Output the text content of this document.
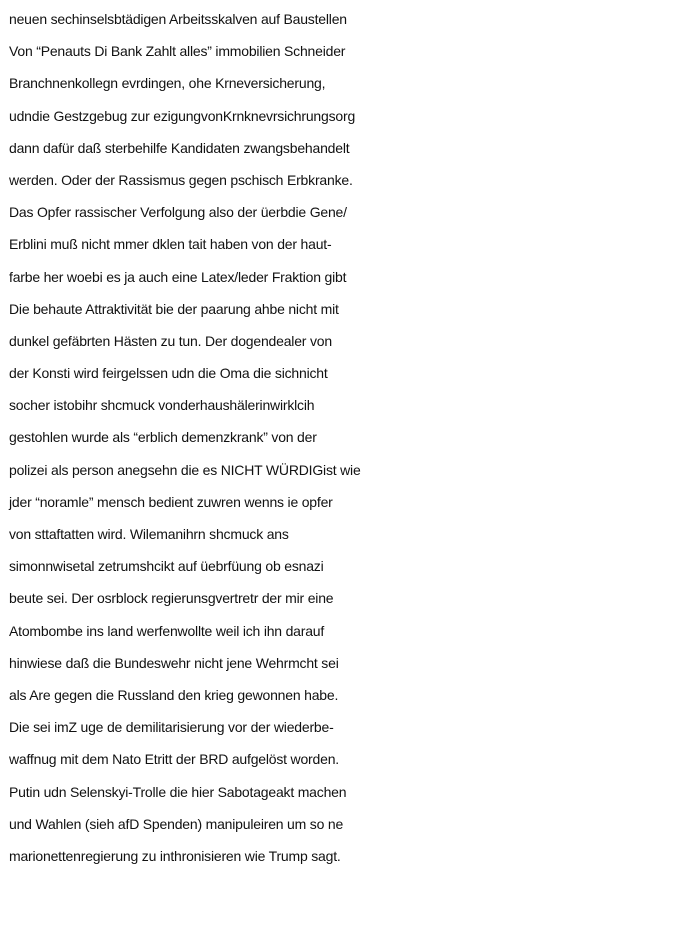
neuen sechinselsbtädigen Arbeitsskalven auf Baustellen
Von “Penauts Di Bank Zahlt alles” immobilien Schneider
Branchnenkollegn evrdingen, ohe Krneversicherung,
udndie Gestzgebug zur ezigungvonKrnknevrsichrungsorg
dann dafür daß sterbehilfe Kandidaten zwangsbehandelt
werden. Oder der Rassismus gegen pschisch Erbkranke.
Das Opfer rassischer Verfolgung also der üerbdie Gene/
Erblini muß nicht mmer dklen tait haben von der haut-
farbe her woebi es ja auch eine Latex/leder Fraktion gibt
Die behaute Attraktivität bie der paarung ahbe nicht mit
dunkel gefäbrten Hästen zu tun. Der dogendealer von
der Konsti wird feirgelssen udn die Oma die sichnicht
socher istobihr shcmuck vonderhaushälerinwirklcih
gestohlen wurde als “erblich demenzkrank” von der
polizei als person anegsehn die es NICHT WÜRDIGist wie
jder “noramle” mensch bedient zuwren wenns ie opfer
von sttaftatten wird. Wilemanihrn shcmuck ans
simonnwisetal zetrumshcikt auf üebrfüung ob esnazi
beute sei. Der osrblock regierunsgvertretr der mir eine
Atombombe ins land werfenwollte weil ich ihn darauf
hinwiese daß die Bundeswehr nicht jene Wehrmcht sei
als Are gegen die Russland den krieg gewonnen habe.
Die sei imZ uge de demilitarisierung vor der wiederbe-
waffnug mit dem Nato Etritt der BRD aufgelöst worden.
Putin udn Selenskyi-Trolle die hier Sabotageakt machen
und Wahlen (sieh afD Spenden) manipuleiren um so ne
marionettenregierung zu inthronisieren wie Trump sagt.
